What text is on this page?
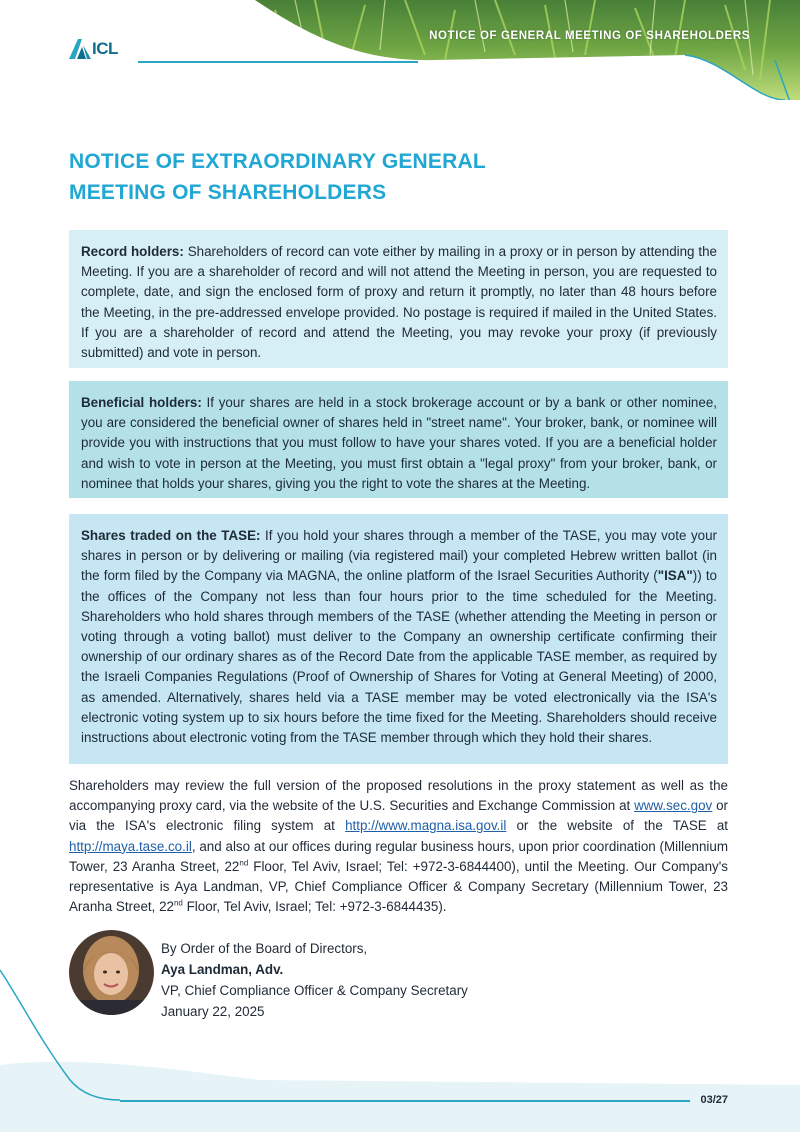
NOTICE OF GENERAL MEETING OF SHAREHOLDERS
ICL
NOTICE OF EXTRAORDINARY GENERAL
MEETING OF SHAREHOLDERS
Record holders: Shareholders of record can vote either by mailing in a proxy or in person by attending the Meeting. If you are a shareholder of record and will not attend the Meeting in person, you are requested to complete, date, and sign the enclosed form of proxy and return it promptly, no later than 48 hours before the Meeting, in the pre-addressed envelope provided. No postage is required if mailed in the United States. If you are a shareholder of record and attend the Meeting, you may revoke your proxy (if previously submitted) and vote in person.
Beneficial holders: If your shares are held in a stock brokerage account or by a bank or other nominee, you are considered the beneficial owner of shares held in "street name". Your broker, bank, or nominee will provide you with instructions that you must follow to have your shares voted. If you are a beneficial holder and wish to vote in person at the Meeting, you must first obtain a "legal proxy" from your broker, bank, or nominee that holds your shares, giving you the right to vote the shares at the Meeting.
Shares traded on the TASE: If you hold your shares through a member of the TASE, you may vote your shares in person or by delivering or mailing (via registered mail) your completed Hebrew written ballot (in the form filed by the Company via MAGNA, the online platform of the Israel Securities Authority ("ISA")) to the offices of the Company not less than four hours prior to the time scheduled for the Meeting. Shareholders who hold shares through members of the TASE (whether attending the Meeting in person or voting through a voting ballot) must deliver to the Company an ownership certificate confirming their ownership of our ordinary shares as of the Record Date from the applicable TASE member, as required by the Israeli Companies Regulations (Proof of Ownership of Shares for Voting at General Meeting) of 2000, as amended. Alternatively, shares held via a TASE member may be voted electronically via the ISA's electronic voting system up to six hours before the time fixed for the Meeting. Shareholders should receive instructions about electronic voting from the TASE member through which they hold their shares.
Shareholders may review the full version of the proposed resolutions in the proxy statement as well as the accompanying proxy card, via the website of the U.S. Securities and Exchange Commission at www.sec.gov or via the ISA's electronic filing system at http://www.magna.isa.gov.il or the website of the TASE at http://maya.tase.co.il, and also at our offices during regular business hours, upon prior coordination (Millennium Tower, 23 Aranha Street, 22nd Floor, Tel Aviv, Israel; Tel: +972-3-6844400), until the Meeting. Our Company's representative is Aya Landman, VP, Chief Compliance Officer & Company Secretary (Millennium Tower, 23 Aranha Street, 22nd Floor, Tel Aviv, Israel; Tel: +972-3-6844435).
By Order of the Board of Directors,
Aya Landman, Adv.
VP, Chief Compliance Officer & Company Secretary
January 22, 2025
03/27
